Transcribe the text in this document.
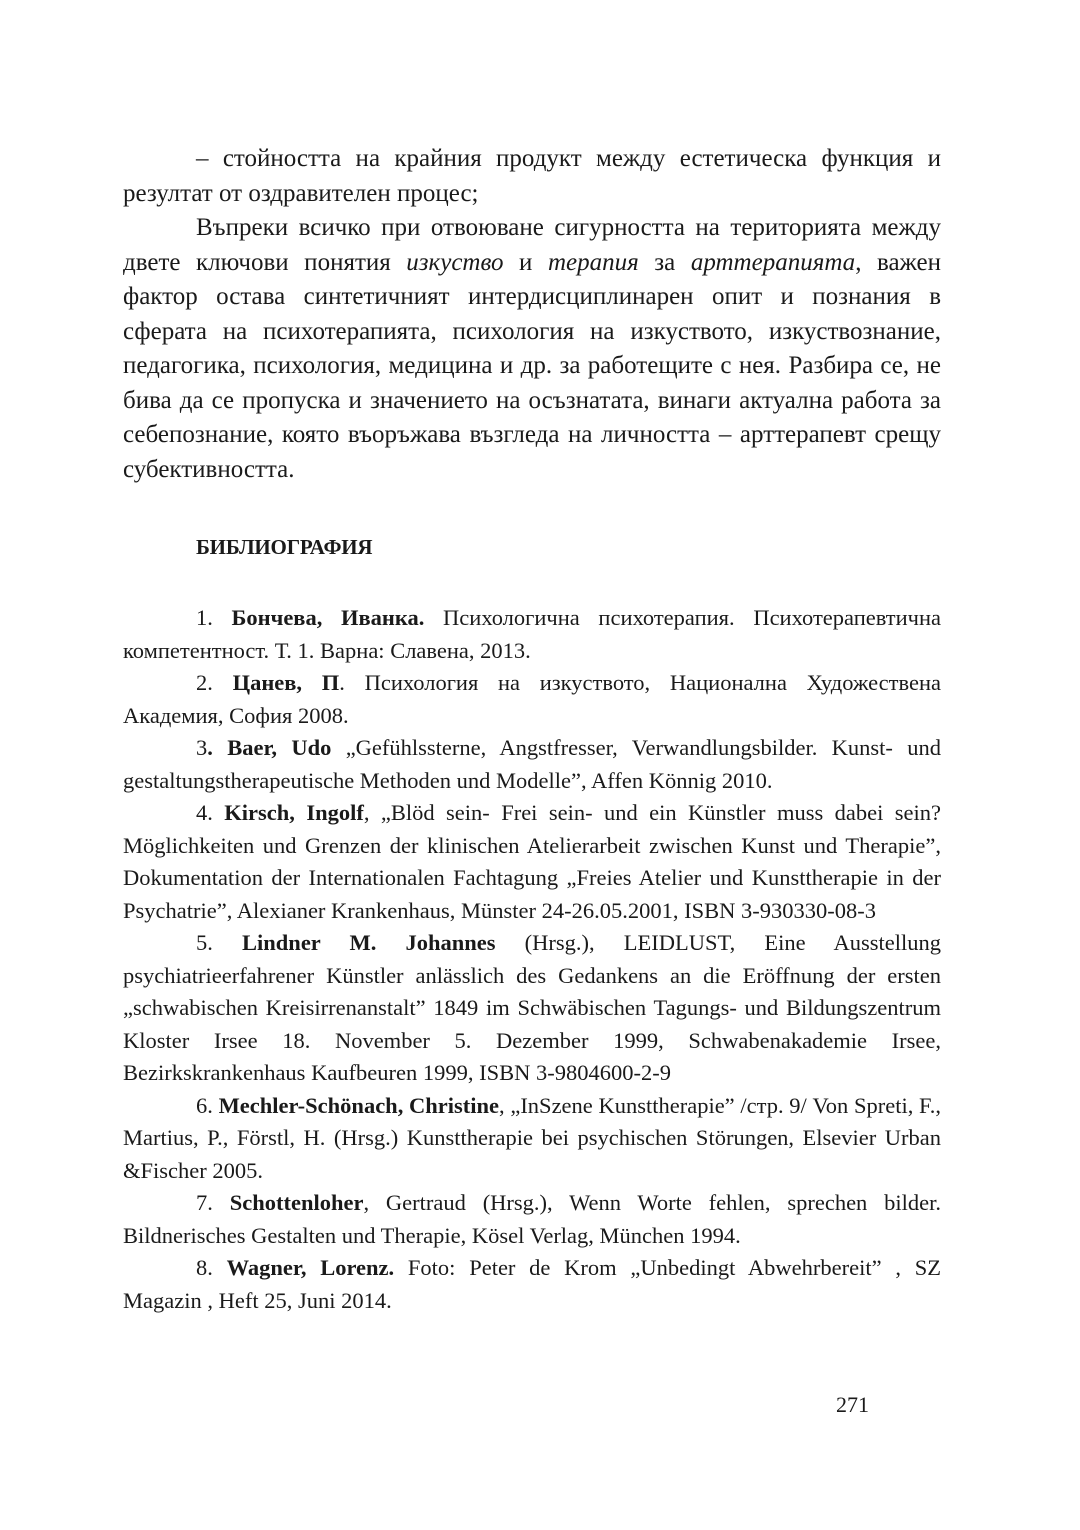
– стойността на крайния продукт между естетическа функция и резултат от оздравителен процес;

Въпреки всичко при отвоюване сигурността на територията между двете ключови понятия изкуство и терапия за арттерапията, важен фактор остава синтетичният интердисциплинарен опит и познания в сферата на психотерапията, психология на изкуството, изкуствознание, педагогика, психология, медицина и др. за работещите с нея. Разбира се, не бива да се пропуска и значението на осъзнатата, винаги актуална работа за себепознание, която въоръжава възгледа на личността – арттерапевт срещу субективността.

БИБЛИОГРАФИЯ

1. Бончева, Иванка. Психологична психотерапия. Психотерапевтична компетентност. Т. 1. Варна: Славена, 2013.

2. Цанев, П. Психология на изкуството, Национална Художествена Академия, София 2008.

3. Baer, Udo „Gefühlssterne, Angstfresser, Verwandlungsbilder. Kunst- und gestaltungstherapeutische Methoden und Modelle”, Affen Könnig 2010.

4. Kirsch, Ingolf, „Blöd sein- Frei sein- und ein Künstler muss dabei sein? Möglichkeiten und Grenzen der klinischen Atelierarbeit zwischen Kunst und Therapie”, Dokumentation der Internationalen Fachtagung „Freies Atelier und Kunsttherapie in der Psychatrie”, Alexianer Krankenhaus, Münster 24-26.05.2001, ISBN 3-930330-08-3

5. Lindner M. Johannes (Hrsg.), LEIDLUST, Eine Ausstellung psychiatrieerfahrener Künstler anlässlich des Gedankens an die Eröffnung der ersten „schwabischen Kreisirrenanstalt” 1849 im Schwäbischen Tagungs- und Bildungszentrum Kloster Irsee 18. November 5. Dezember 1999, Schwabenakademie Irsee, Bezirkskrankenhaus Kaufbeuren 1999, ISBN 3-9804600-2-9

6. Mechler-Schönach, Christine, „InSzene Kunsttherapie” /стр. 9/ Von Spreti, F., Martius, P., Förstl, H. (Hrsg.) Kunsttherapie bei psychischen Störungen, Elsevier Urban &Fischer 2005.

7. Schottenloher, Gertraud (Hrsg.), Wenn Worte fehlen, sprechen bilder. Bildnerisches Gestalten und Therapie, Kösel Verlag, München 1994.

8. Wagner, Lorenz. Foto: Peter de Krom „Unbedingt Abwehrbereit” , SZ Magazin , Heft 25, Juni 2014.

271
